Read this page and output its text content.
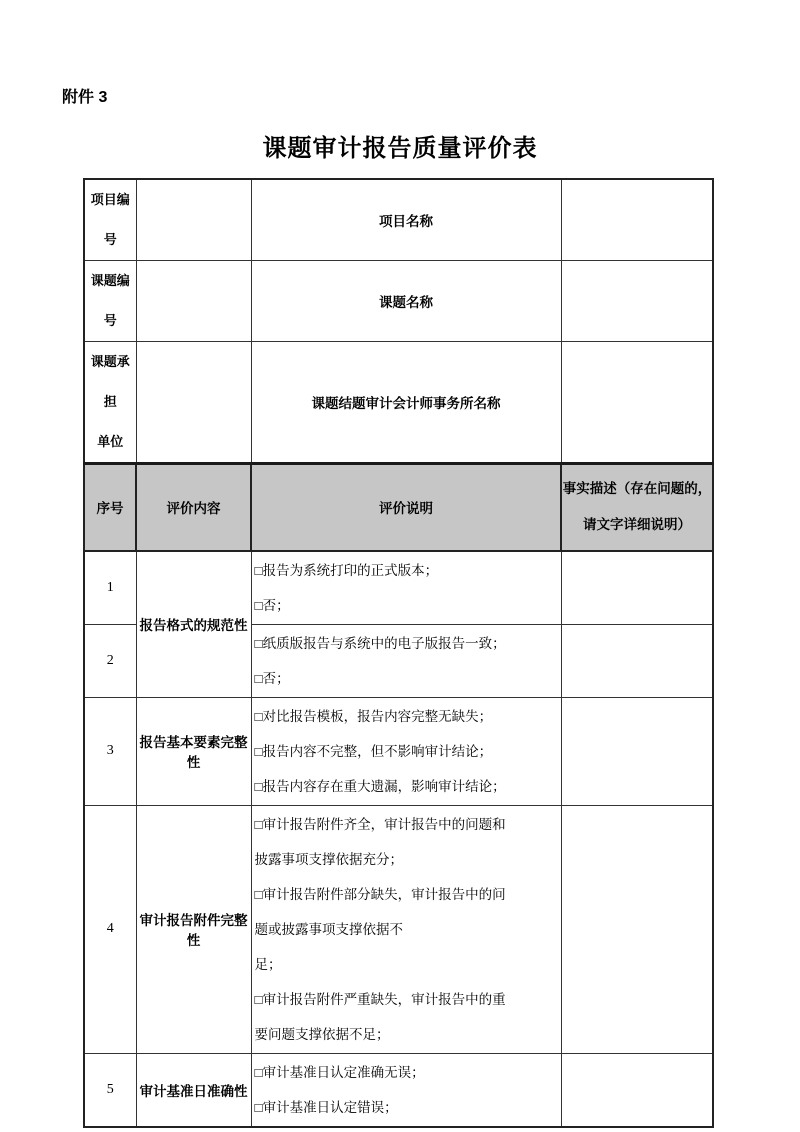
附件 3
课题审计报告质量评价表
项目编号		项目名称	
课题编号		课题名称	

课题承担
单位		课题结题审计会计师事务所名称	
序号	评价内容	评价说明	事实描述（存在问题的，
请文字详细说明）

1	报告格式的规范性	□报告为系统打印的正式版本；
□否；	

2		□纸质版报告与系统中的电子版报告一致；
□否；	

3	报告基本要素完整性	□对比报告模板，报告内容完整无缺失；
□报告内容不完整，但不影响审计结论；
□报告内容存在重大遗漏，影响审计结论；	

4	审计报告附件完整性	
□审计报告附件齐全，审计报告中的问题和
披露事项支撑依据充分；
□审计报告附件部分缺失，审计报告中的问
题或披露事项支撑依据不
足；
□审计报告附件严重缺失，审计报告中的重
要问题支撑依据不足；

5	审计基准日准确性	□审计基准日认定准确无误；
□审计基准日认定错误；	
